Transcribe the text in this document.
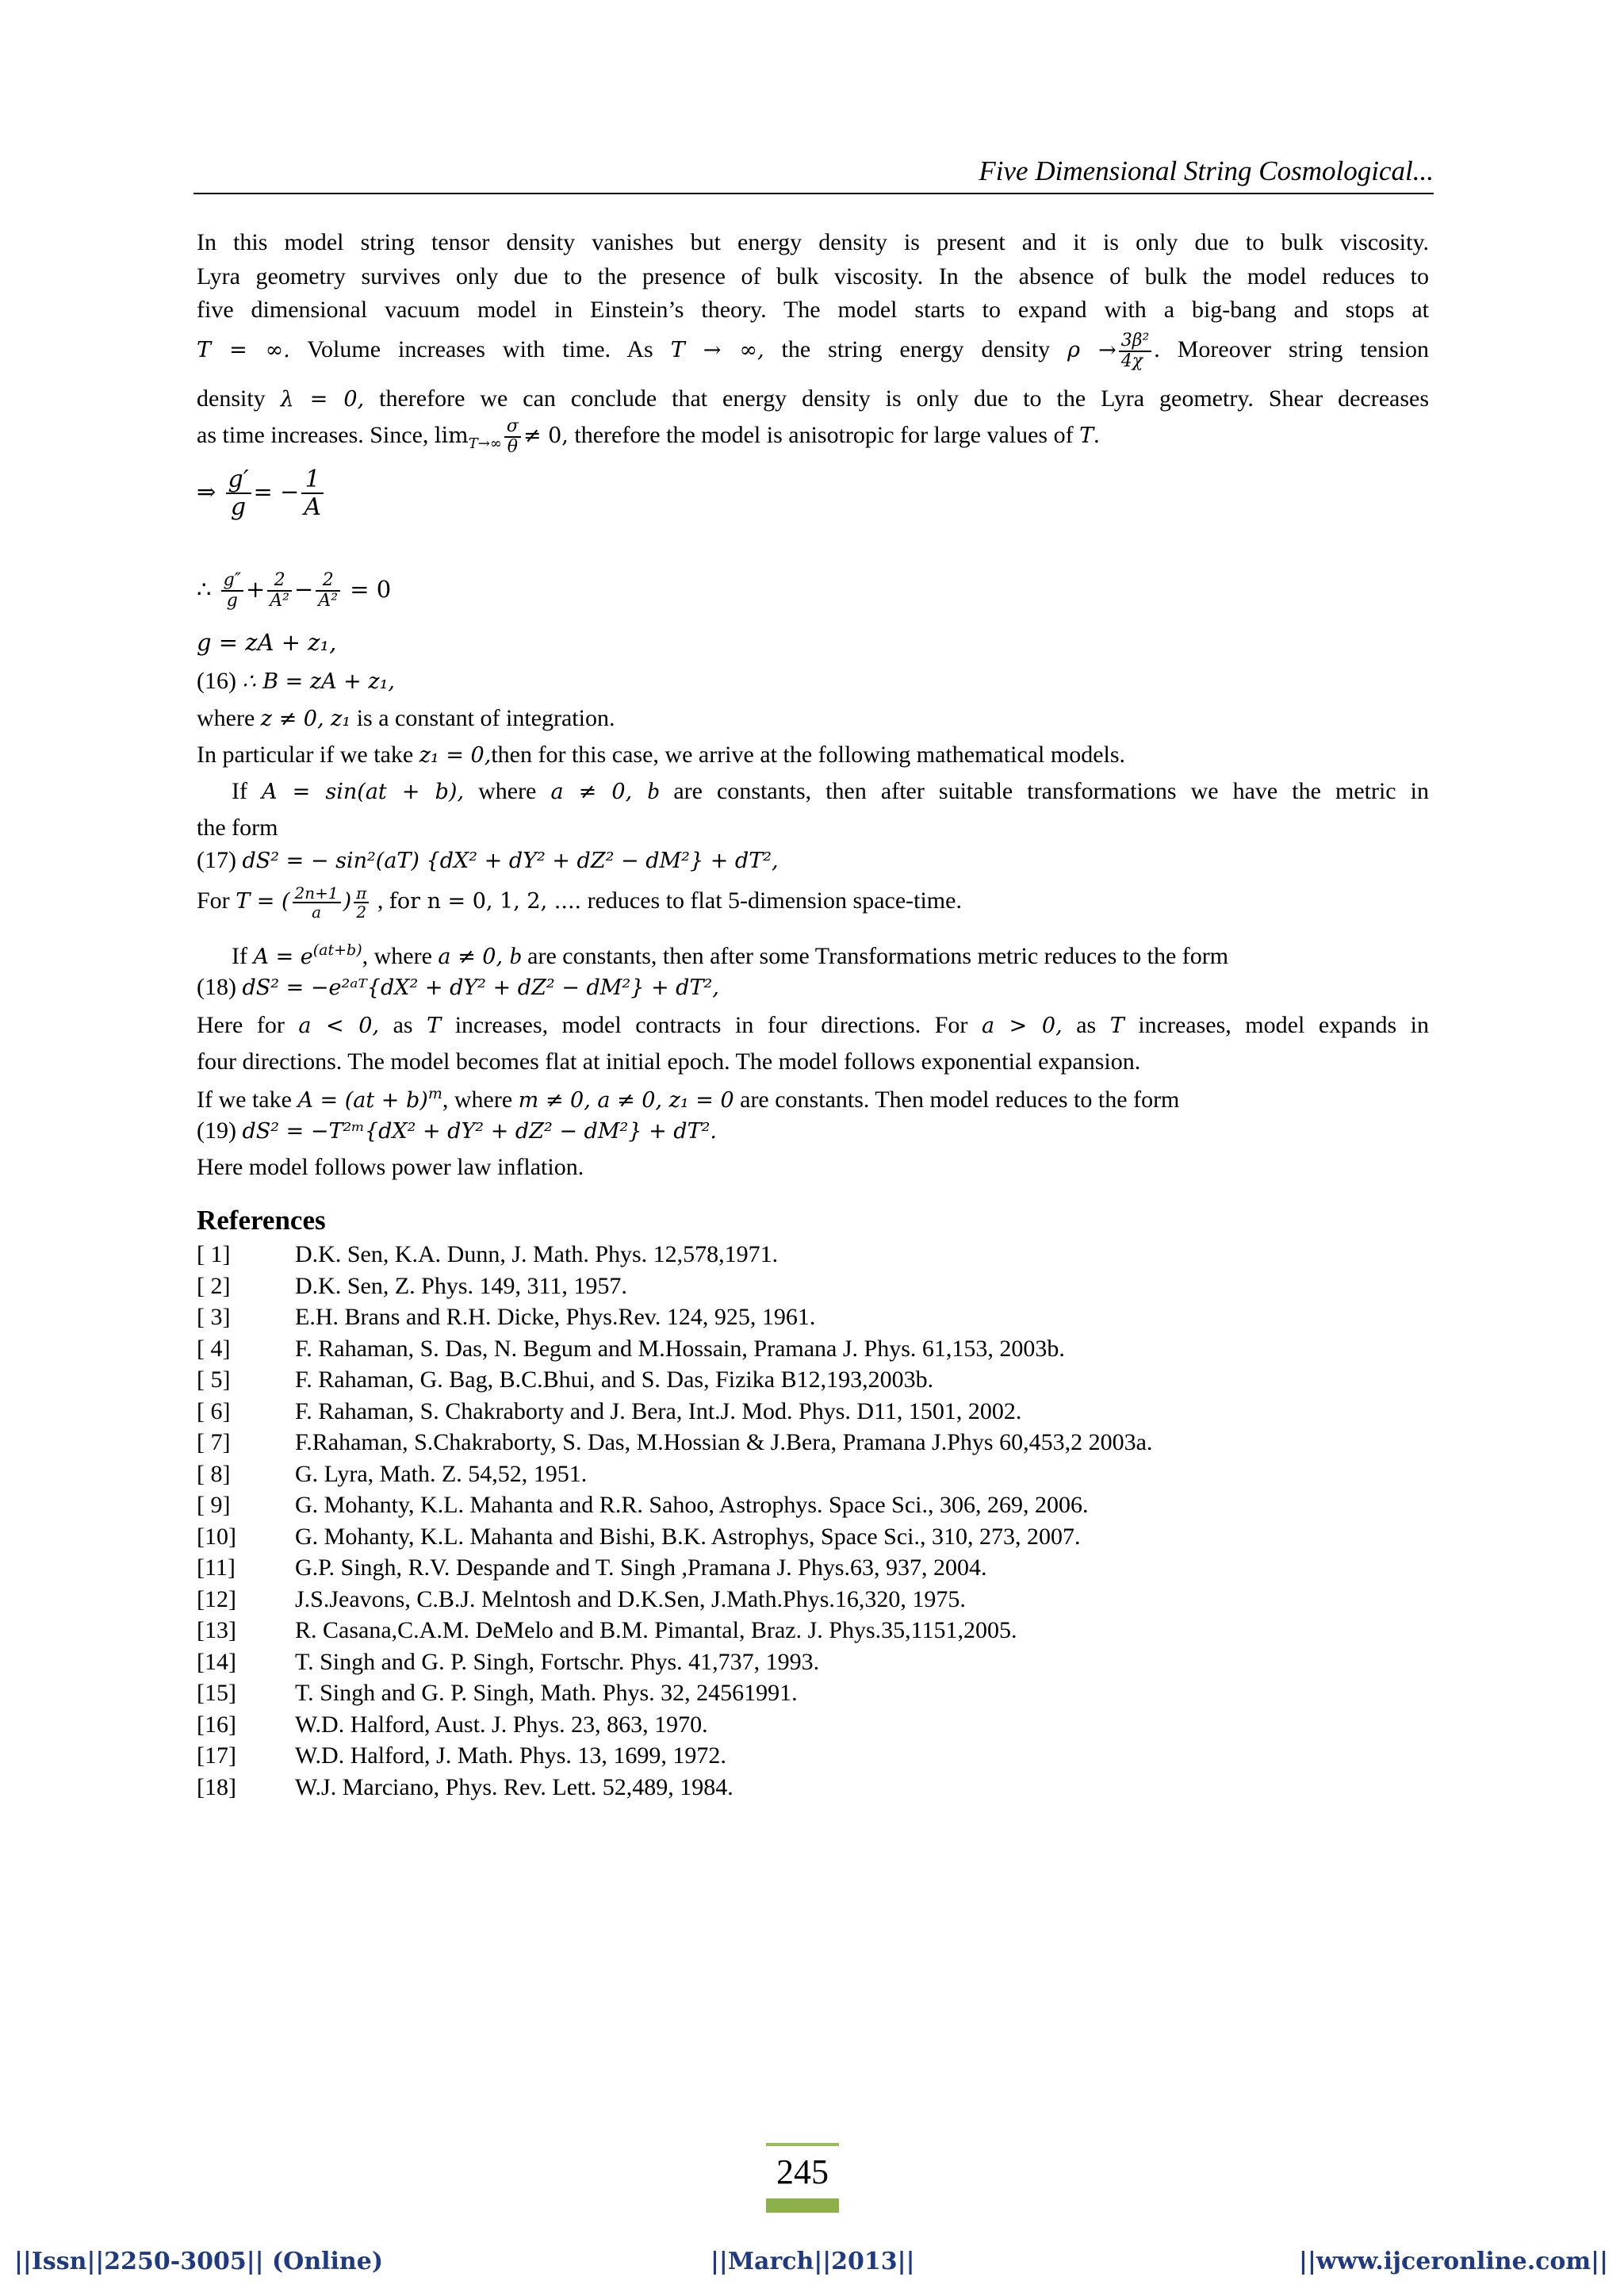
Five Dimensional String Cosmological...
In this model string tensor density vanishes but energy density is present and it is only due to bulk viscosity.
Lyra geometry survives only due to the presence of bulk viscosity. In the absence of bulk the model reduces to
five dimensional vacuum model in Einstein’s theory. The model starts to expand with a big-bang and stops at
T = ∞. Volume increases with time. As T → ∞, the string energy density $\rho \to \frac{\text{3β²}}{4\chi}$ . Moreover string tension
density λ = 0, therefore we can conclude that energy density is only due to the Lyra geometry. Shear decreases
as time increases. Since, $\lim_{T\to\infty} \frac{\sigma}{\theta} \ne 0$, therefore the model is anisotropic for large values of T.
⇒ $\frac{g'}{g}$ = − $\frac{1}{A}$
∴ $\frac{g''}{g} + \frac{2}{\text{A²}} - \frac{2}{\text{A²}} = 0$
g = zA + z₁,
(16) ∴ B = zA + z₁,
where z ≠ 0, z₁ is a constant of integration.
In particular if we take z₁ = 0,then for this case, we arrive at the following mathematical models.
If A = sin(at + b), where a ≠ 0, b are constants, then after suitable transformations we have the metric in
the form
(17) dS² = − sin²(aT) {dX² + dY² + dZ² − dM²} + dT²,
For T = ( $\frac{2n+1}{a}$ ) $\frac{\pi}{2}$ , for n = 0, 1, 2, .... reduces to flat 5-dimension space-time.
If $A = e^{(at+b)}$, where a ≠ 0, b are constants, then after some Transformations metric reduces to the form
(18) dS² = −e²ᵃᵀ{dX² + dY² + dZ² − dM²} + dT²,
Here for a < 0, as T increases, model contracts in four directions. For a > 0, as T increases, model expands in
four directions. The model becomes flat at initial epoch. The model follows exponential expansion.
If we take A = (at + b)$^m$, where m ≠ 0, a ≠ 0, z₁ = 0 are constants. Then model reduces to the form
(19) dS² = −T²ᵐ{dX² + dY² + dZ² − dM²} + dT².
Here model follows power law inflation.
References
[ 1]	D.K. Sen, K.A. Dunn, J. Math. Phys. 12,578,1971.
[ 2]	D.K. Sen, Z. Phys. 149, 311, 1957.
[ 3]	E.H. Brans and R.H. Dicke, Phys.Rev. 124, 925, 1961.
[ 4]	F. Rahaman, S. Das, N. Begum and M.Hossain, Pramana J. Phys. 61,153, 2003b.
[ 5]	F. Rahaman, G. Bag, B.C.Bhui, and S. Das, Fizika B12,193,2003b.
[ 6]	F. Rahaman, S. Chakraborty and J. Bera, Int.J. Mod. Phys. D11, 1501, 2002.
[ 7]	F.Rahaman, S.Chakraborty, S. Das, M.Hossian & J.Bera, Pramana J.Phys 60,453,2 2003a.
[ 8]	G. Lyra, Math. Z. 54,52, 1951.
[ 9]	G. Mohanty, K.L. Mahanta and R.R. Sahoo, Astrophys. Space Sci., 306, 269, 2006.
[10] G. Mohanty, K.L. Mahanta and Bishi, B.K. Astrophys, Space Sci., 310, 273, 2007.
[11]	G.P. Singh, R.V. Despande and T. Singh ,Pramana J. Phys.63, 937, 2004.
[12] J.S.Jeavons, C.B.J. Melntosh and D.K.Sen, J.Math.Phys.16,320, 1975.
[13] R. Casana,C.A.M. DeMelo and B.M. Pimantal, Braz. J. Phys.35,1151,2005.
[14] T. Singh and G. P. Singh, Fortschr. Phys. 41,737, 1993.
[15] T. Singh and G. P. Singh, Math. Phys. 32, 24561991.
[16] W.D. Halford, Aust. J. Phys. 23, 863, 1970.
[17] W.D. Halford, J. Math. Phys. 13, 1699, 1972.
[18] W.J. Marciano, Phys. Rev. Lett. 52,489, 1984.
245
||Issn||2250-3005|| (Online)	||March||2013||	||www.ijceronline.com||
